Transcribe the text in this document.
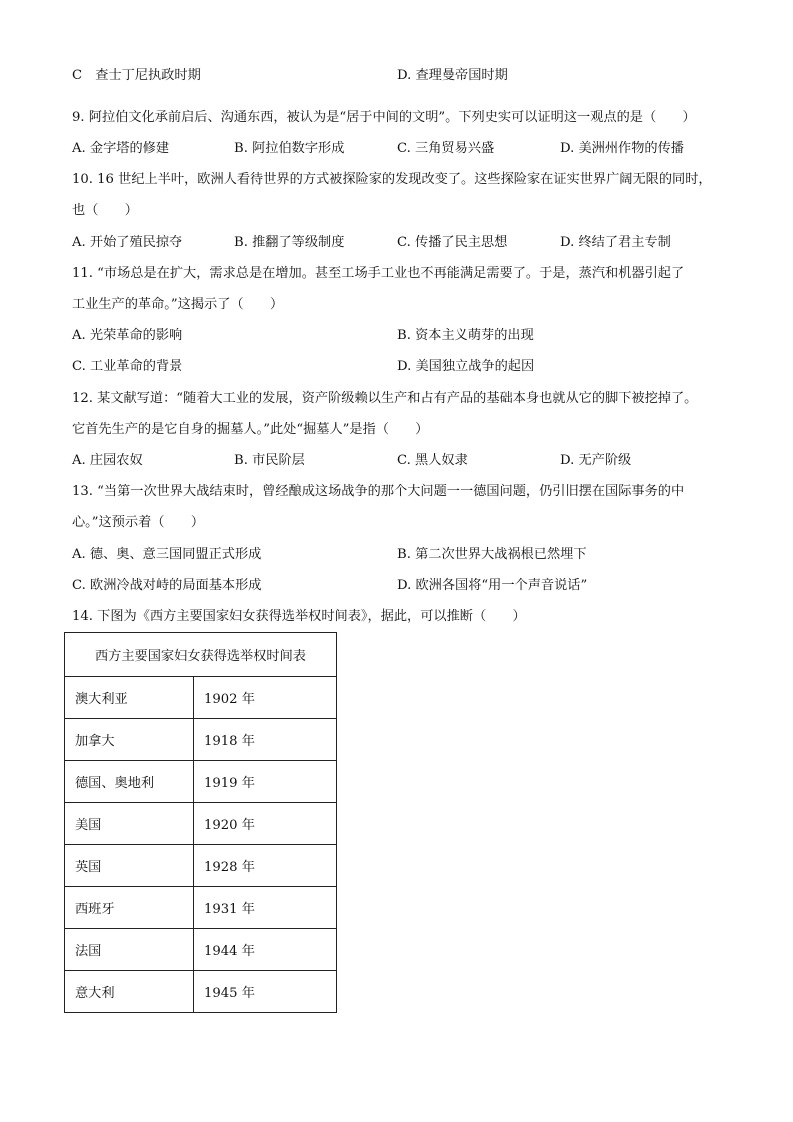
C　查士丁尼执政时期	D. 查理曼帝国时期
9. 阿拉伯文化承前启后、沟通东西，被认为是“居于中间的文明”。下列史实可以证明这一观点的是（　　）
A. 金字塔的修建	B. 阿拉伯数字形成	C. 三角贸易兴盛	D. 美洲州作物的传播
10. 16 世纪上半叶，欧洲人看待世界的方式被探险家的发现改变了。这些探险家在证实世界广阔无限的同时，
也（　　）
A. 开始了殖民掠夺	B. 推翻了等级制度	C. 传播了民主思想	D. 终结了君主专制
11. “市场总是在扩大，需求总是在增加。甚至工场手工业也不再能满足需要了。于是，蒸汽和机器引起了
工业生产的革命。”这揭示了（　　）
A. 光荣革命的影响	B. 资本主义萌芽的出现
C. 工业革命的背景	D. 美国独立战争的起因
12. 某文献写道：“随着大工业的发展，资产阶级赖以生产和占有产品的基础本身也就从它的脚下被挖掉了。
它首先生产的是它自身的掘墓人。”此处“掘墓人”是指（　　）
A. 庄园农奴	B. 市民阶层	C. 黑人奴隶	D. 无产阶级
13. “当第一次世界大战结束时，曾经酿成这场战争的那个大问题一一德国问题，仍引旧摆在国际事务的中
心。”这预示着（　　）
A. 德、奥、意三国同盟正式形成	B. 第二次世界大战祸根已然埋下
C. 欧洲冷战对峙的局面基本形成	D. 欧洲各国将“用一个声音说话”
14. 下图为《西方主要国家妇女获得选举权时间表》，据此，可以推断（　　）
西方主要国家妇女获得选举权时间表	
澳大利亚	1902 年
加拿大	1918 年
德国、奥地利	1919 年
美国	1920 年
英国	1928 年
西班牙	1931 年
法国	1944 年
意大利	1945 年
